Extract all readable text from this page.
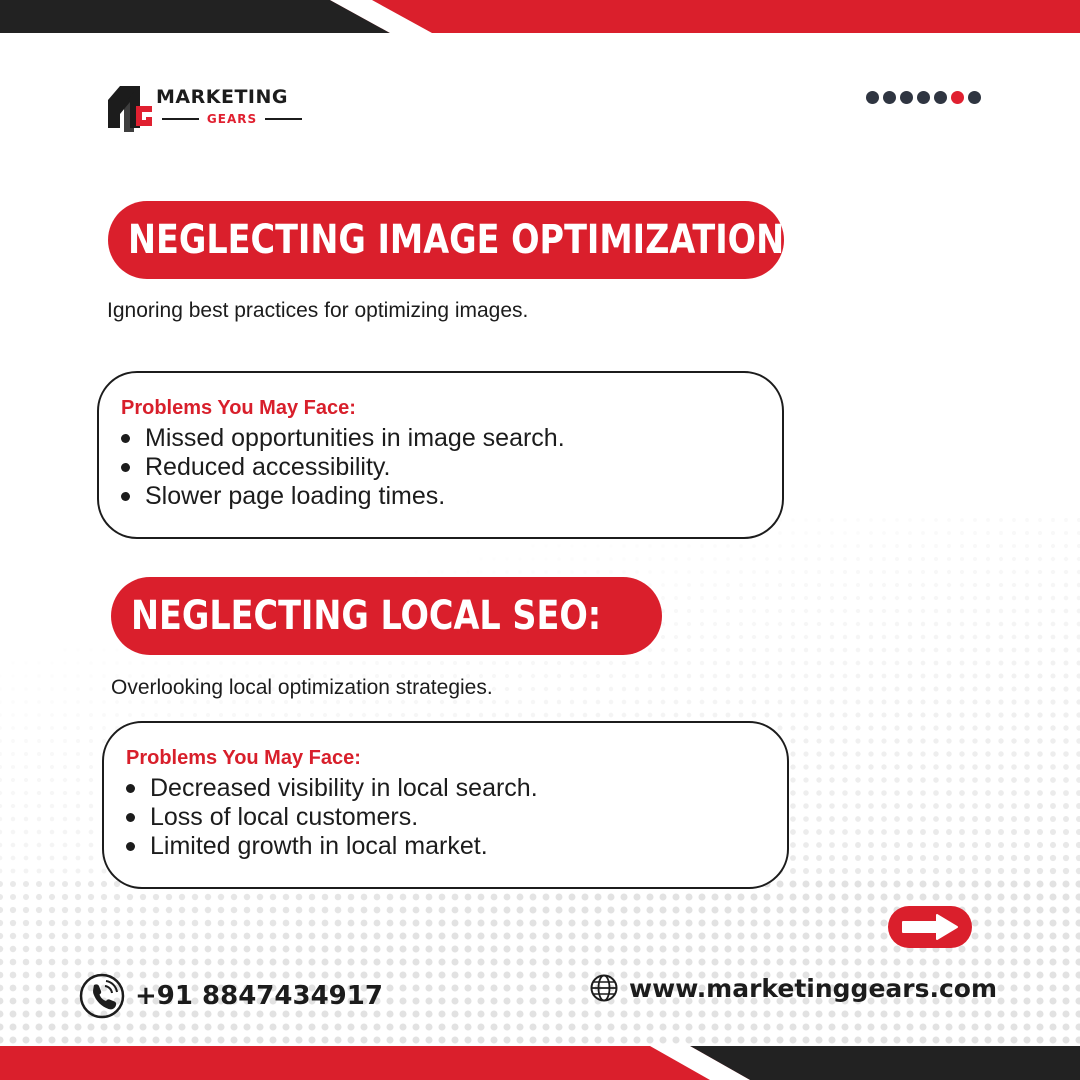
MARKETING
GEARS
NEGLECTING IMAGE OPTIMIZATION:
Ignoring best practices for optimizing images.
Problems You May Face:
Missed opportunities in image search.
Reduced accessibility.
Slower page loading times.
NEGLECTING LOCAL SEO:
Overlooking local optimization strategies.
Problems You May Face:
Decreased visibility in local search.
Loss of local customers.
Limited growth in local market.
+91 8847434917	www.marketinggears.com
